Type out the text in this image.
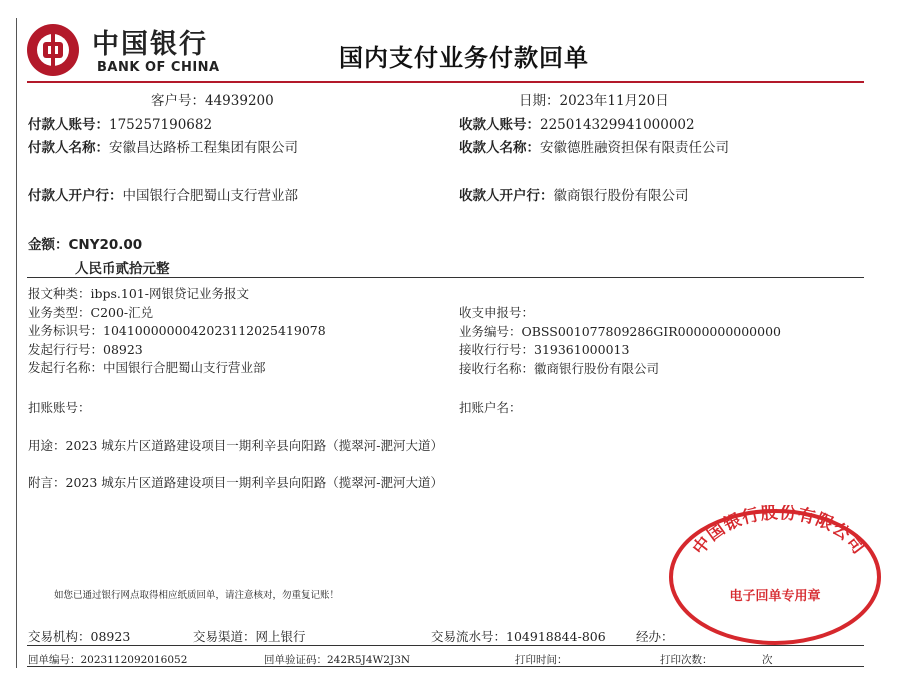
中国银行
BANK OF CHINA	国内支付业务付款回单
客户号：44939200	日期：2023年11月20日
付款人账号：175257190682
付款人名称：安徽昌达路桥工程集团有限公司
付款人开户行：中国银行合肥蜀山支行营业部
收款人账号：225014329941000002
收款人名称：安徽德胜融资担保有限责任公司
收款人开户行：徽商银行股份有限公司
金额：CNY20.00
人民币贰拾元整
报文种类：ibps.101-网银贷记业务报文
业务类型：C200-汇兑
业务标识号：10410000000420231120254190​78
发起行行号：08923
发起行名称：中国银行合肥蜀山支行营业部
收支申报号：
业务编号：OBSS001077809286GIR0000000000000
接收行行号：319361000013
接收行名称：徽商银行股份有限公司
扣账账号：	扣账户名：
用途：2023 城东片区道路建设项目一期利辛县向阳路（揽翠河-淝河大道）
附言：2023 城东片区道路建设项目一期利辛县向阳路（揽翠河-淝河大道）
如您已通过银行网点取得相应纸质回单，请注意核对，勿重复记账！
中国银行股份有限公司
电子回单专用章
交易机构：08923	交易渠道：网上银行	交易流水号：104918844-806 经办：
回单编号：2023112092016052	回单验证码：242R5J4W2J3N	打印时间：	打印次数：	次
